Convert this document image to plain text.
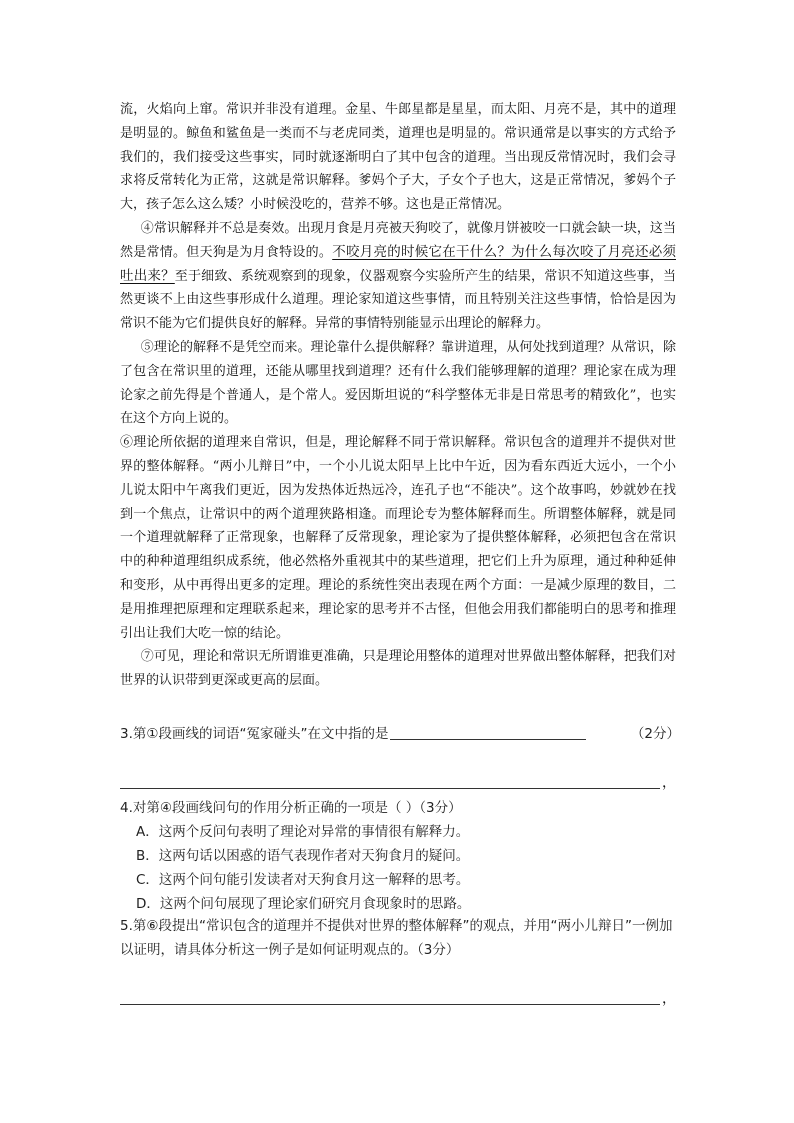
流，火焰向上窜。常识并非没有道理。金星、牛郎星都是星星，而太阳、月亮不是，其中的道理是明显的。鲸鱼和鲨鱼是一类而不与老虎同类，道理也是明显的。常识通常是以事实的方式给予我们的，我们接受这些事实，同时就逐渐明白了其中包含的道理。当出现反常情况时，我们会寻求将反常转化为正常，这就是常识解释。爹妈个子大，子女个子也大，这是正常情况，爹妈个子大，孩子怎么这么矮？小时候没吃的，营养不够。这也是正常情况。

④常识解释并不总是奏效。出现月食是月亮被天狗咬了，就像月饼被咬一口就会缺一块，这当然是常情。但天狗是为月食特设的。不咬月亮的时候它在干什么？为什么每次咬了月亮还必须吐出来？至于细致、系统观察到的现象，仪器观察今实验所产生的结果，常识不知道这些事，当然更谈不上由这些事形成什么道理。理论家知道这些事情，而且特别关注这些事情，恰恰是因为常识不能为它们提供良好的解释。异常的事情特别能显示出理论的解释力。

⑤理论的解释不是凭空而来。理论靠什么提供解释？靠讲道理，从何处找到道理？从常识，除了包含在常识里的道理，还能从哪里找到道理？还有什么我们能够理解的道理？理论家在成为理论家之前先得是个普通人，是个常人。爱因斯坦说的“科学整体无非是日常思考的精致化”，也实在这个方向上说的。

⑥理论所依据的道理来自常识，但是，理论解释不同于常识解释。常识包含的道理并不提供对世界的整体解释。“两小儿辩日”中，一个小儿说太阳早上比中午近，因为看东西近大远小，一个小儿说太阳中午离我们更近，因为发热体近热远冷，连孔子也“不能决”。这个故事呜，妙就妙在找到一个焦点，让常识中的两个道理狭路相逢。而理论专为整体解释而生。所谓整体解释，就是同一个道理就解释了正常现象，也解释了反常现象，理论家为了提供整体解释，必须把包含在常识中的种种道理组织成系统，他必然格外重视其中的某些道理，把它们上升为原理，通过种种延伸和变形，从中再得出更多的定理。理论的系统性突出表现在两个方面：一是减少原理的数目，二是用推理把原理和定理联系起来，理论家的思考并不古怪，但他会用我们都能明白的思考和推理引出让我们大吃一惊的结论。

⑦可见，理论和常识无所谓谁更准确，只是理论用整体的道理对世界做出整体解释，把我们对世界的认识带到更深或更高的层面。

3.第①段画线的词语“冤家碰头”在文中指的是	（2分）
，
4.对第④段画线问句的作用分析正确的一项是（ ）（3分）
A．这两个反问句表明了理论对异常的事情很有解释力。
B．这两句话以困惑的语气表现作者对天狗食月的疑问。
C．这两个问句能引发读者对天狗食月这一解释的思考。
D．这两个问句展现了理论家们研究月食现象时的思路。
5.第⑥段提出“常识包含的道理并不提供对世界的整体解释”的观点，并用“两小儿辩日”一例加以证明，请具体分析这一例子是如何证明观点的。（3分）
，
